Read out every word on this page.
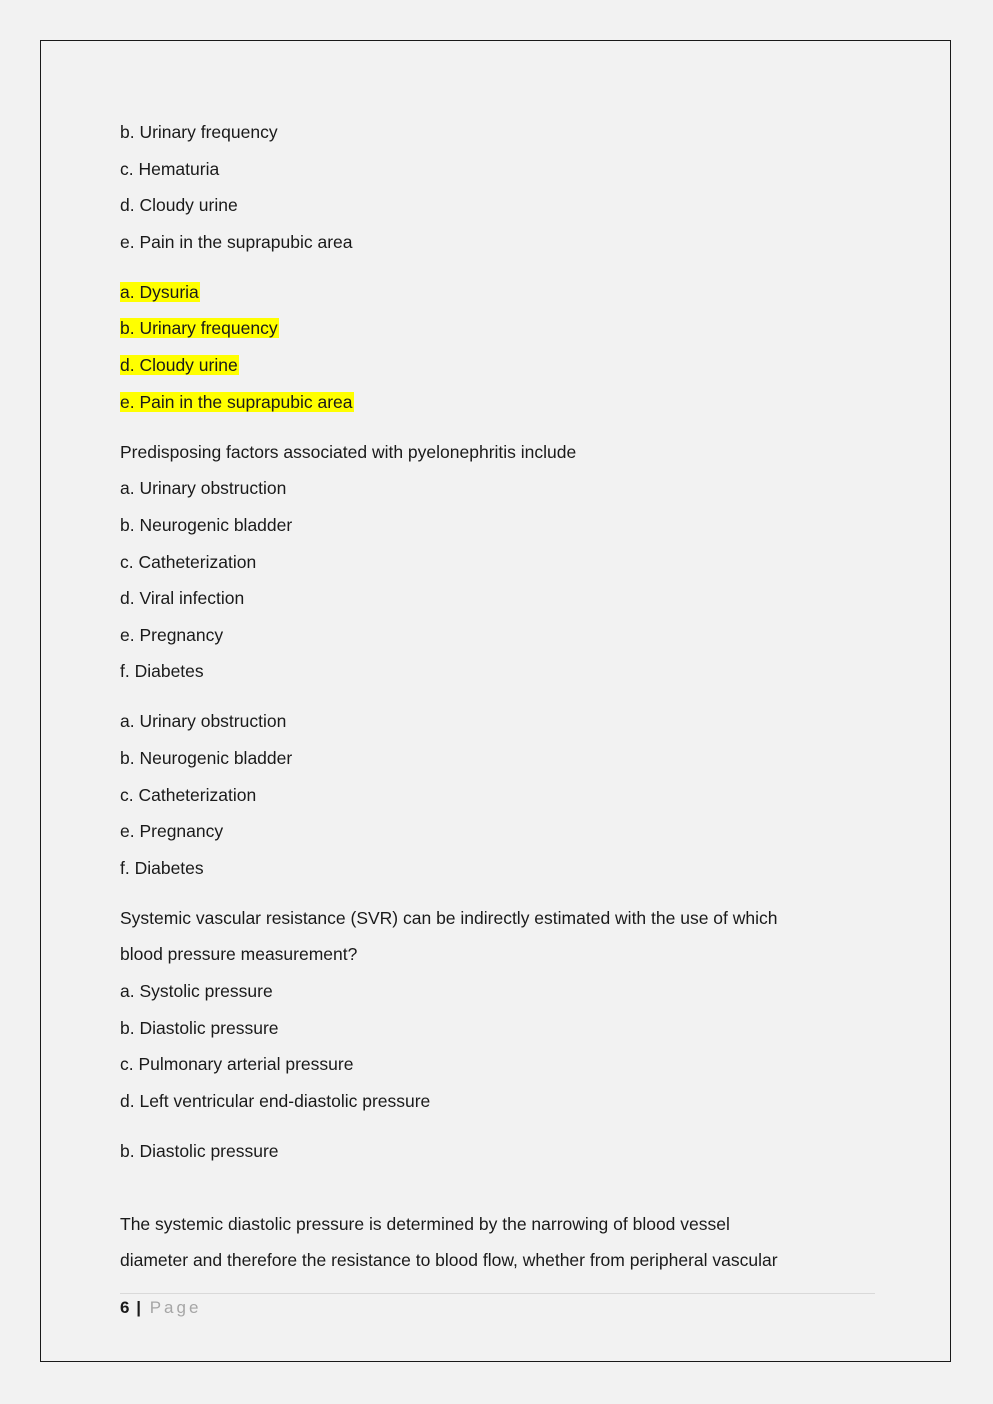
b. Urinary frequency
c. Hematuria
d. Cloudy urine
e. Pain in the suprapubic area
a. Dysuria
b. Urinary frequency
d. Cloudy urine
e. Pain in the suprapubic area
Predisposing factors associated with pyelonephritis include
a. Urinary obstruction
b. Neurogenic bladder
c. Catheterization
d. Viral infection
e. Pregnancy
f. Diabetes
a. Urinary obstruction
b. Neurogenic bladder
c. Catheterization
e. Pregnancy
f. Diabetes
Systemic vascular resistance (SVR) can be indirectly estimated with the use of which
blood pressure measurement?
a. Systolic pressure
b. Diastolic pressure
c. Pulmonary arterial pressure
d. Left ventricular end-diastolic pressure
b. Diastolic pressure
The systemic diastolic pressure is determined by the narrowing of blood vessel
diameter and therefore the resistance to blood flow, whether from peripheral vascular
6 | Page
